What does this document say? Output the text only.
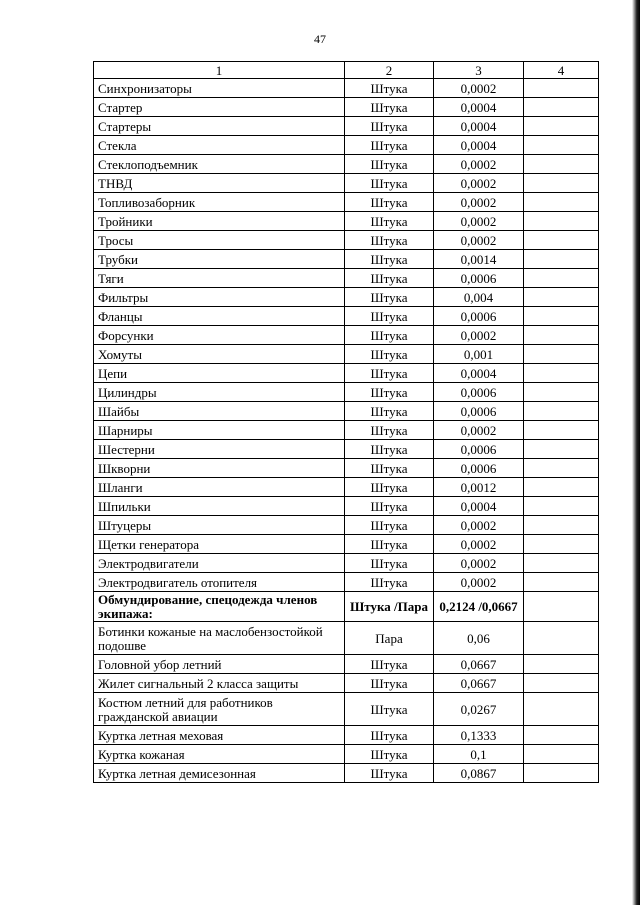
47
1	2	3	4
Синхронизаторы	Штука	0,0002	
Стартер	Штука	0,0004	
Стартеры	Штука	0,0004	
Стекла	Штука	0,0004	
Стеклоподъемник	Штука	0,0002	
ТНВД	Штука	0,0002	
Топливозаборник	Штука	0,0002	
Тройники	Штука	0,0002	
Тросы	Штука	0,0002	
Трубки	Штука	0,0014	
Тяги	Штука	0,0006	
Фильтры	Штука	0,004	
Фланцы	Штука	0,0006	
Форсунки	Штука	0,0002	
Хомуты	Штука	0,001	
Цепи	Штука	0,0004	
Цилиндры	Штука	0,0006	
Шайбы	Штука	0,0006	
Шарниры	Штука	0,0002	
Шестерни	Штука	0,0006	
Шкворни	Штука	0,0006	
Шланги	Штука	0,0012	
Шпильки	Штука	0,0004	
Штуцеры	Штука	0,0002	
Щетки генератора	Штука	0,0002	
Электродвигатели	Штука	0,0002	
Электродвигатель отопителя	Штука	0,0002	
Обмундирование, спецодежда членов экипажа:	Штука /Пара	0,2124 /0,0667	
Ботинки кожаные на маслобензостойкой подошве	Пара	0,06	
Головной убор летний	Штука	0,0667	
Жилет сигнальный 2 класса защиты	Штука	0,0667	
Костюм летний для работников гражданской авиации	Штука	0,0267	
Куртка летная меховая	Штука	0,1333	
Куртка кожаная	Штука	0,1	
Куртка летная демисезонная	Штука	0,0867	
